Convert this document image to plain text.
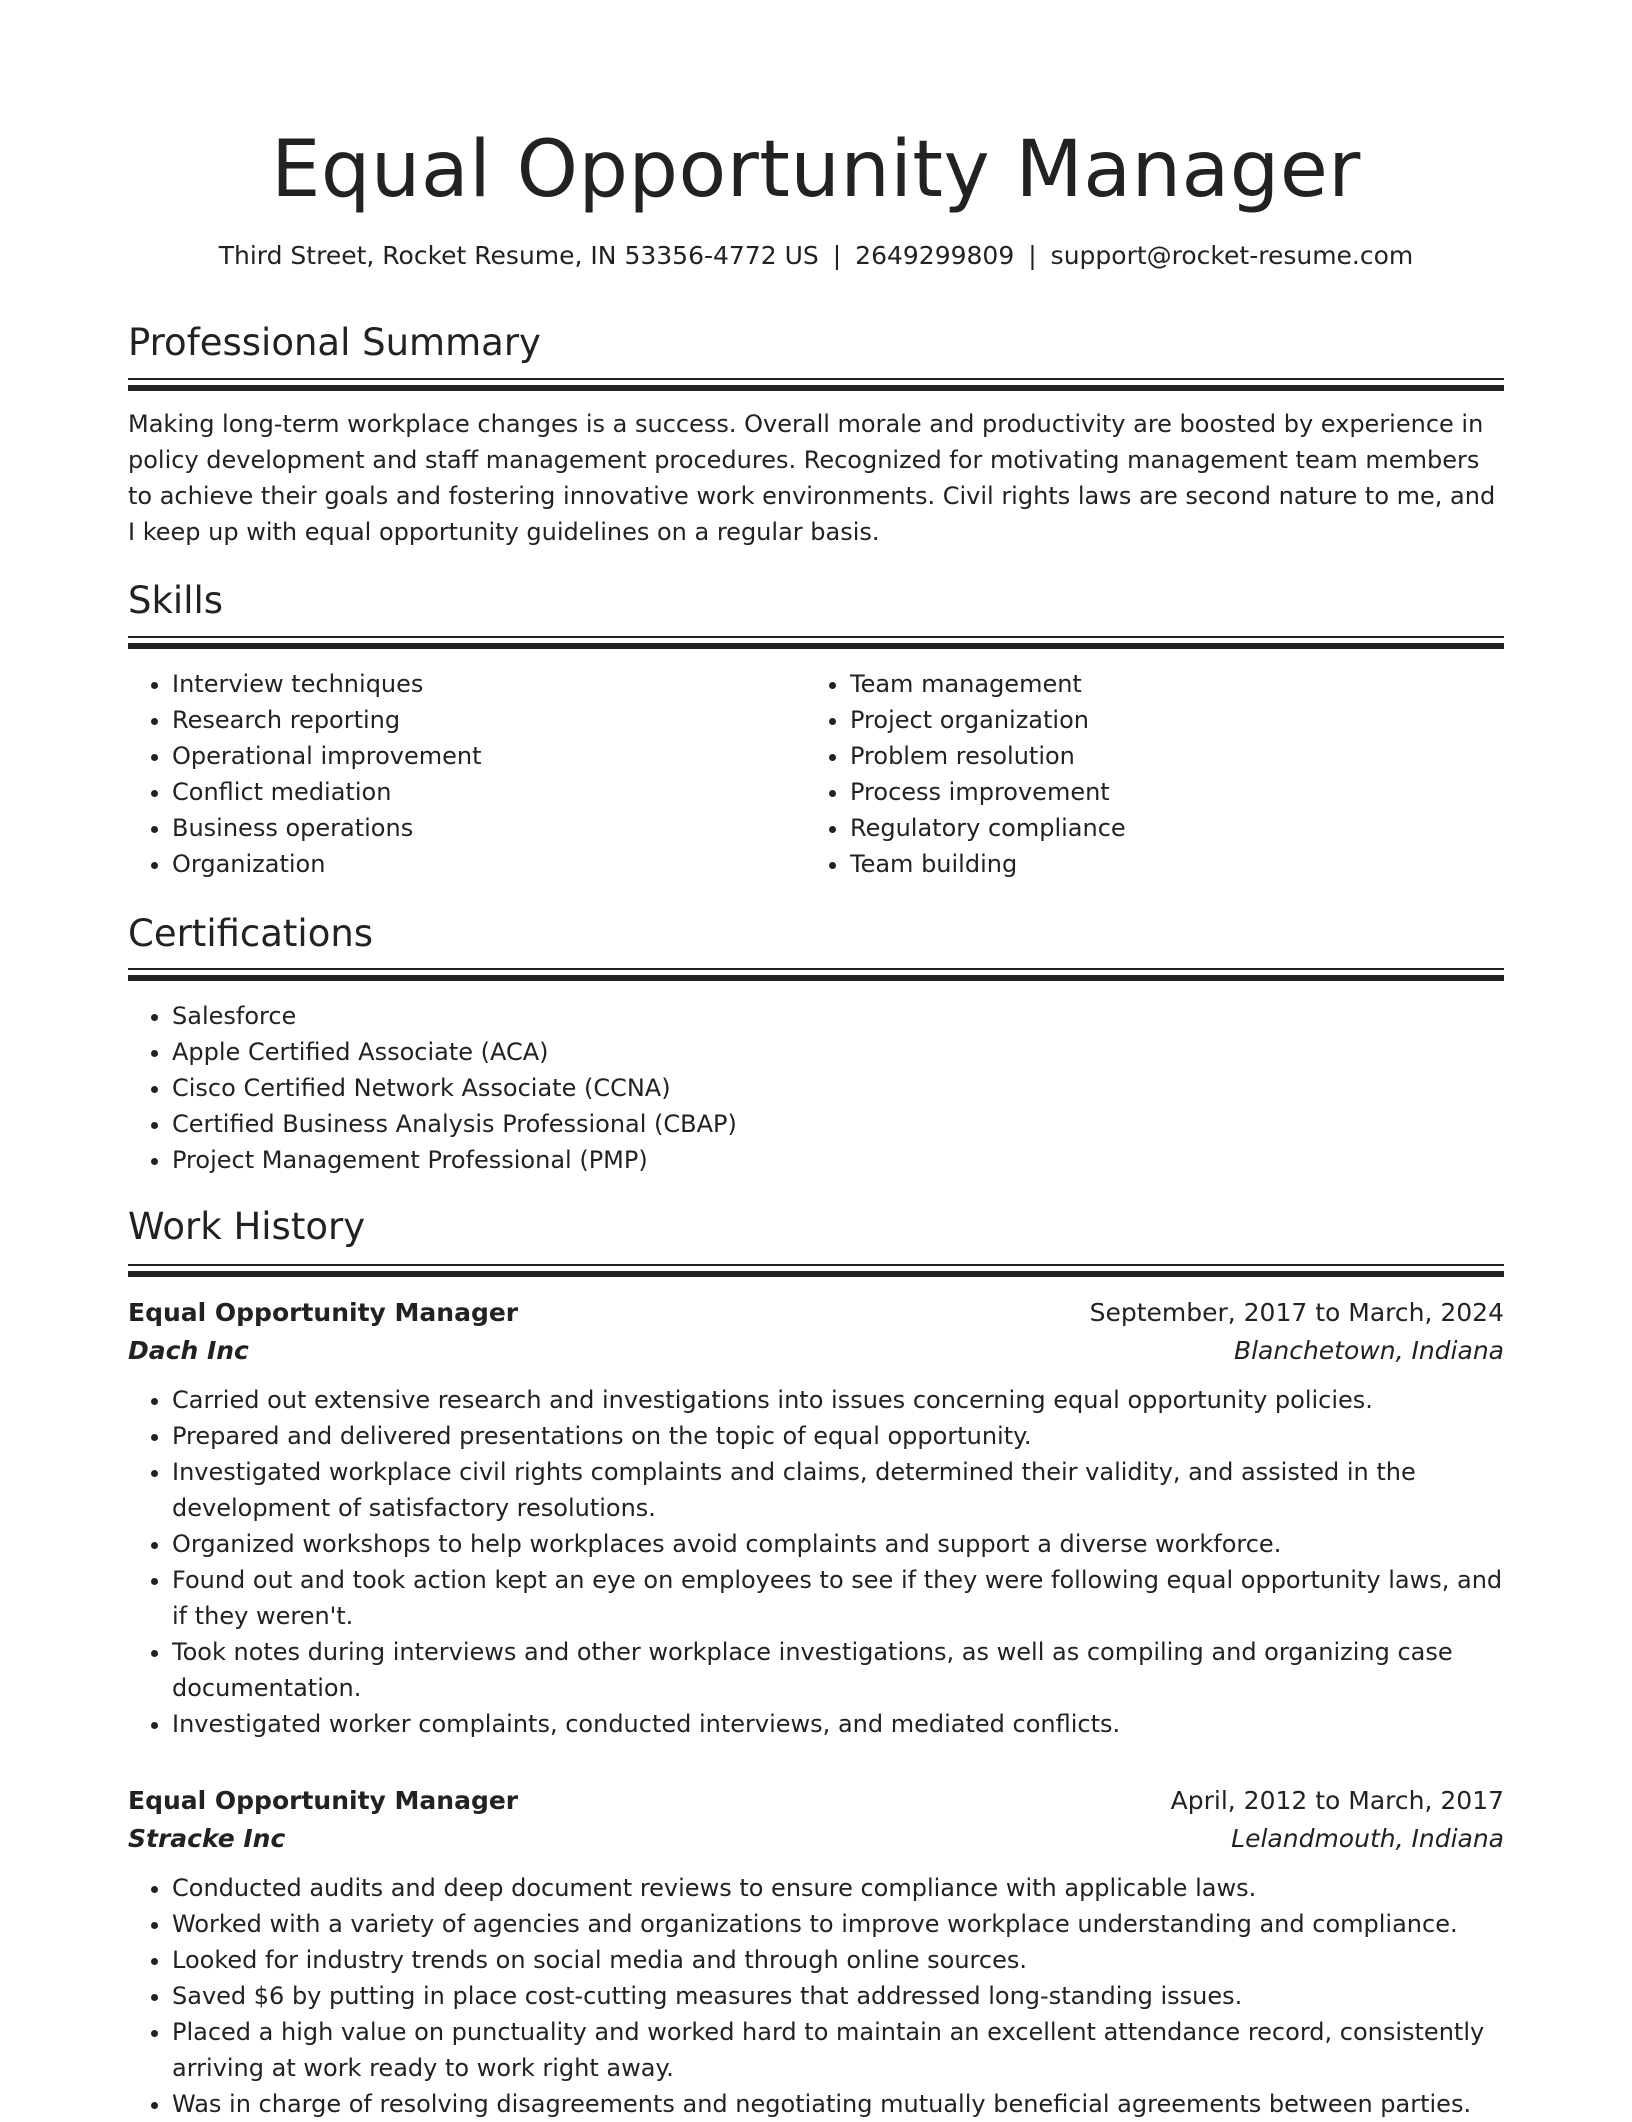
Equal Opportunity Manager
Third Street, Rocket Resume, IN 53356-4772 US | 2649299809 | support@rocket-resume.com
Professional Summary

Making long-term workplace changes is a success. Overall morale and productivity are boosted by experience in policy development and staff management procedures. Recognized for motivating management team members to achieve their goals and fostering innovative work environments. Civil rights laws are second nature to me, and I keep up with equal opportunity guidelines on a regular basis.

Skills
• Interview techniques
• Research reporting
• Operational improvement
• Conflict mediation
• Business operations
• Organization
• Team management
• Project organization
• Problem resolution
• Process improvement
• Regulatory compliance
• Team building
Certifications
• Salesforce
• Apple Certified Associate (ACA)
• Cisco Certified Network Associate (CCNA)
• Certified Business Analysis Professional (CBAP)
• Project Management Professional (PMP)
Work History
Equal Opportunity Manager	September, 2017 to March, 2024
Dach Inc	Blanchetown, Indiana
• Carried out extensive research and investigations into issues concerning equal opportunity policies.
• Prepared and delivered presentations on the topic of equal opportunity.
• Investigated workplace civil rights complaints and claims, determined their validity, and assisted in the development of satisfactory resolutions.
• Organized workshops to help workplaces avoid complaints and support a diverse workforce.
• Found out and took action kept an eye on employees to see if they were following equal opportunity laws, and if they weren't.
• Took notes during interviews and other workplace investigations, as well as compiling and organizing case documentation.
• Investigated worker complaints, conducted interviews, and mediated conflicts.
Equal Opportunity Manager	April, 2012 to March, 2017
Stracke Inc	Lelandmouth, Indiana
• Conducted audits and deep document reviews to ensure compliance with applicable laws.
• Worked with a variety of agencies and organizations to improve workplace understanding and compliance.
• Looked for industry trends on social media and through online sources.
• Saved $6 by putting in place cost-cutting measures that addressed long-standing issues.
• Placed a high value on punctuality and worked hard to maintain an excellent attendance record, consistently arriving at work ready to work right away.
• Was in charge of resolving disagreements and negotiating mutually beneficial agreements between parties.
